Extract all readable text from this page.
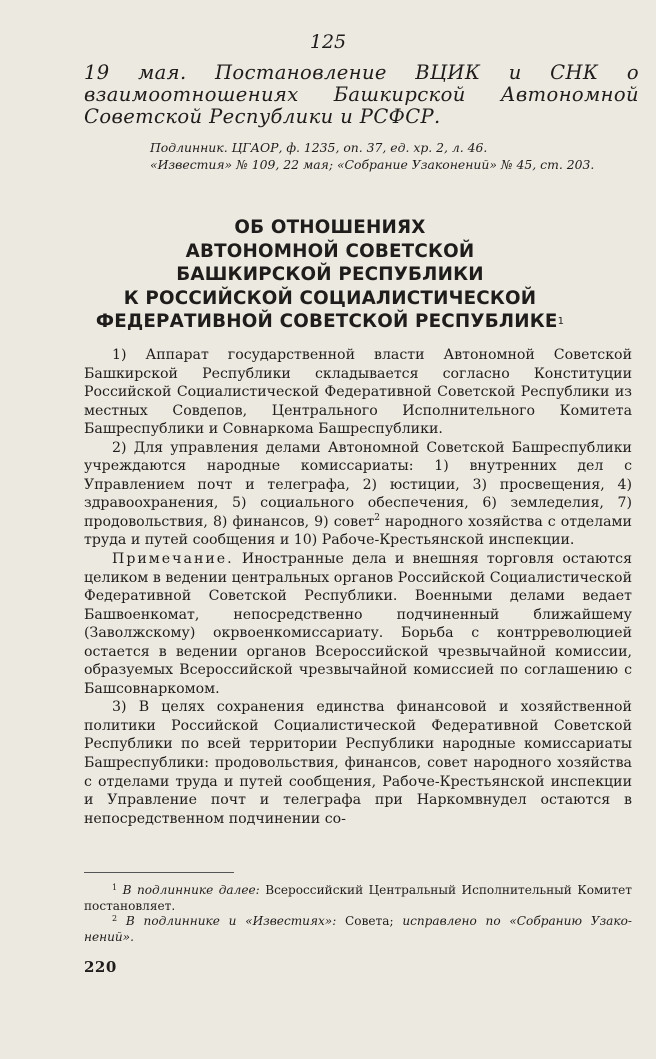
125
19 мая. Постановление ВЦИК и СНК о взаимоотношениях Башкирской Автономной Советской Республики и РСФСР.
Подлинник. ЦГАОР, ф. 1235, оп. 37, ед. хр. 2, л. 46.
«Известия» № 109, 22 мая; «Собрание Узаконений» № 45, ст. 203.
ОБ ОТНОШЕНИЯХ
АВТОНОМНОЙ СОВЕТСКОЙ
БАШКИРСКОЙ РЕСПУБЛИКИ
К РОССИЙСКОЙ СОЦИАЛИСТИЧЕСКОЙ
ФЕДЕРАТИВНОЙ СОВЕТСКОЙ РЕСПУБЛИКЕ$^1$

1) Аппарат государственной власти Автономной Советской Башкирской Республики складывается согласно Конституции Российской Социалистической Федеративной Советской Республики из местных Совдепов, Центрального Исполнительного Комитета Башреспублики и Совнаркома Башреспублики.

2) Для управления делами Автономной Советской Башреспублики учреждаются народные комиссариаты: 1) внутренних дел с Управлением почт и телеграфа, 2) юстиции, 3) просвещения, 4) здравоохранения, 5) социального обеспечения, 6) земледелия, 7) продовольствия, 8) финансов, 9) совет$^2$ народного хозяйства с отделами труда и путей сообщения и 10) Рабоче-Крестьянской инспекции.

Примечание. Иностранные дела и внешняя торговля остаются целиком в ведении центральных органов Российской Социалистической Федеративной Советской Республики. Военными делами ведает Башвоенкомат, непосредственно подчиненный ближайшему (Заволжскому) окрвоенкомиссариату. Борьба с контрреволюцией остается в ведении органов Всероссийской чрезвычайной комиссии, образуемых Всероссийской чрезвычайной комиссией по соглашению с Башсовнаркомом.

3) В целях сохранения единства финансовой и хозяйственной политики Российской Социалистической Федеративной Советской Республики по всей территории Республики народные комиссариаты Башреспублики: продовольствия, финансов, совет народного хозяйства с отделами труда и путей сообщения, Рабоче-Крестьянской инспекции и Управление почт и телеграфа при Наркомвнудел остаются в непосредственном подчинении со-

$^1$ В подлиннике далее: Всероссийский Центральный Исполнительный Комитет постановляет.

$^2$ В подлиннике и «Известиях»: Совета; исправлено по «Собранию Узаконений».

220
